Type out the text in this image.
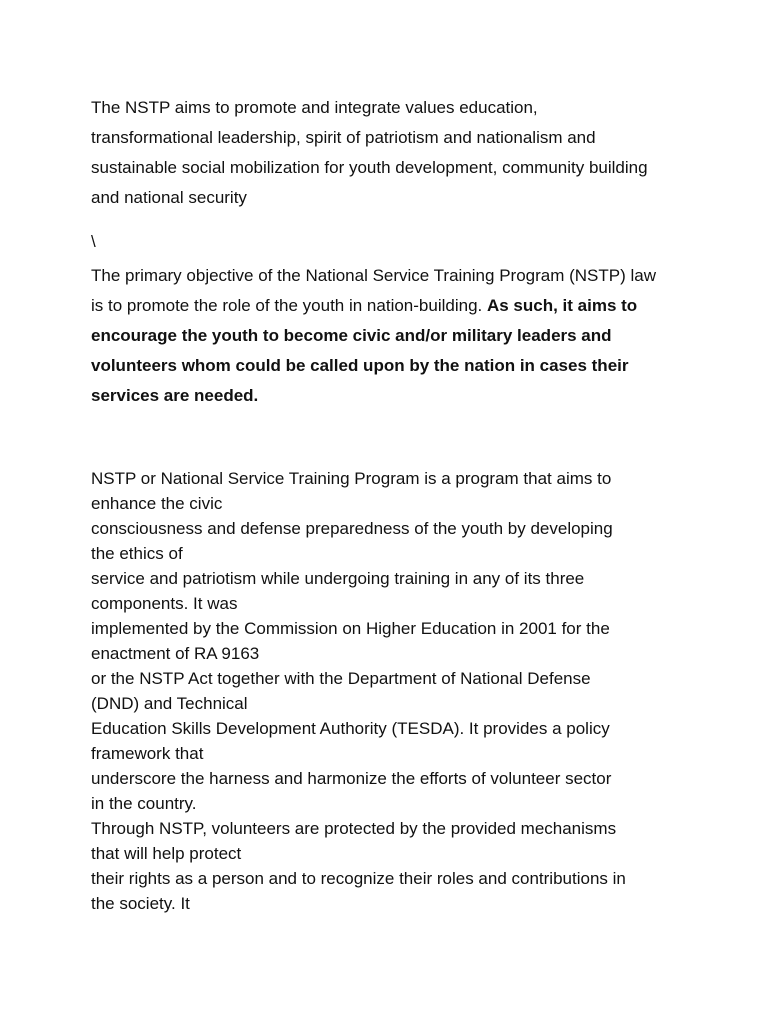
The NSTP aims to promote and integrate values education, transformational leadership, spirit of patriotism and nationalism and sustainable social mobilization for youth development, community building and national security

\

The primary objective of the National Service Training Program (NSTP) law is to promote the role of the youth in nation-building. As such, it aims to encourage the youth to become civic and/or military leaders and volunteers whom could be called upon by the nation in cases their services are needed.

NSTP or National Service Training Program is a program that aims to
enhance the civic
consciousness and defense preparedness of the youth by developing
the ethics of
service and patriotism while undergoing training in any of its three
components. It was
implemented by the Commission on Higher Education in 2001 for the
enactment of RA 9163
or the NSTP Act together with the Department of National Defense
(DND) and Technical
Education Skills Development Authority (TESDA). It provides a policy
framework that
underscore the harness and harmonize the efforts of volunteer sector
in the country.
Through NSTP, volunteers are protected by the provided mechanisms
that will help protect
their rights as a person and to recognize their roles and contributions in
the society. It
